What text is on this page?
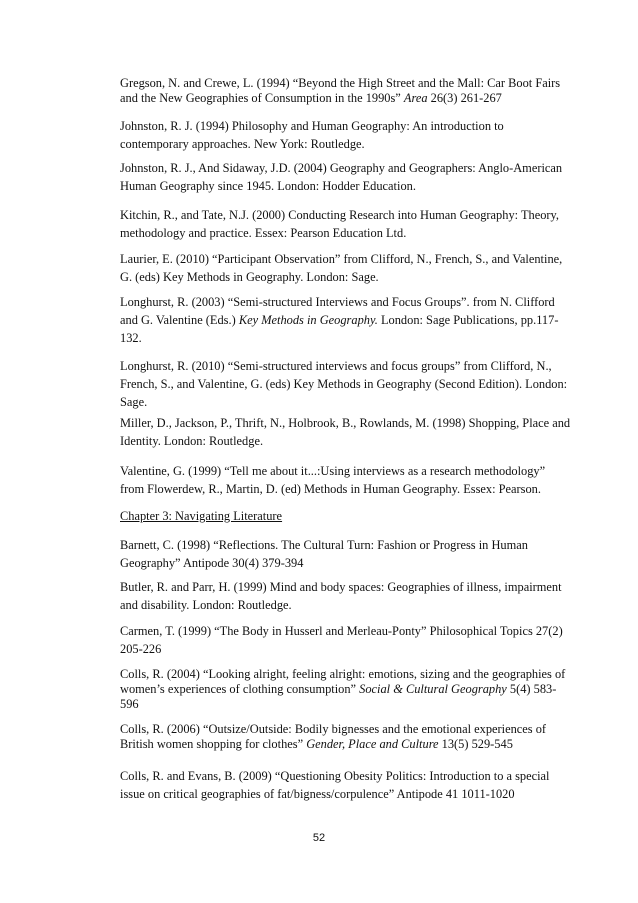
Gregson, N. and Crewe, L. (1994) “Beyond the High Street and the Mall: Car Boot Fairs
and the New Geographies of Consumption in the 1990s” Area 26(3) 261-267
Johnston, R. J. (1994) Philosophy and Human Geography: An introduction to
contemporary approaches. New York: Routledge.
Johnston, R. J., And Sidaway, J.D. (2004) Geography and Geographers: Anglo-American
Human Geography since 1945. London: Hodder Education.
Kitchin, R., and Tate, N.J. (2000) Conducting Research into Human Geography: Theory,
methodology and practice. Essex: Pearson Education Ltd.
Laurier, E. (2010) “Participant Observation” from Clifford, N., French, S., and Valentine,
G. (eds) Key Methods in Geography. London: Sage.
Longhurst, R. (2003) “Semi-structured Interviews and Focus Groups”. from N. Clifford
and G. Valentine (Eds.) Key Methods in Geography. London: Sage Publications, pp.117-
132.
Longhurst, R. (2010) “Semi-structured interviews and focus groups” from Clifford, N.,
French, S., and Valentine, G. (eds) Key Methods in Geography (Second Edition). London:
Sage.
Miller, D., Jackson, P., Thrift, N., Holbrook, B., Rowlands, M. (1998) Shopping, Place and
Identity. London: Routledge.
Valentine, G. (1999) “Tell me about it...:Using interviews as a research methodology”
from Flowerdew, R., Martin, D. (ed) Methods in Human Geography. Essex: Pearson.
Chapter 3: Navigating Literature
Barnett, C. (1998) “Reflections. The Cultural Turn: Fashion or Progress in Human
Geography” Antipode 30(4) 379-394
Butler, R. and Parr, H. (1999) Mind and body spaces: Geographies of illness, impairment
and disability. London: Routledge.
Carmen, T. (1999) “The Body in Husserl and Merleau-Ponty” Philosophical Topics 27(2)
205-226
Colls, R. (2004) “Looking alright, feeling alright: emotions, sizing and the geographies of
women’s experiences of clothing consumption” Social & Cultural Geography 5(4) 583-
596
Colls, R. (2006) “Outsize/Outside: Bodily bignesses and the emotional experiences of
British women shopping for clothes” Gender, Place and Culture 13(5) 529-545
Colls, R. and Evans, B. (2009) “Questioning Obesity Politics: Introduction to a special
issue on critical geographies of fat/bigness/corpulence” Antipode 41 1011-1020
52
